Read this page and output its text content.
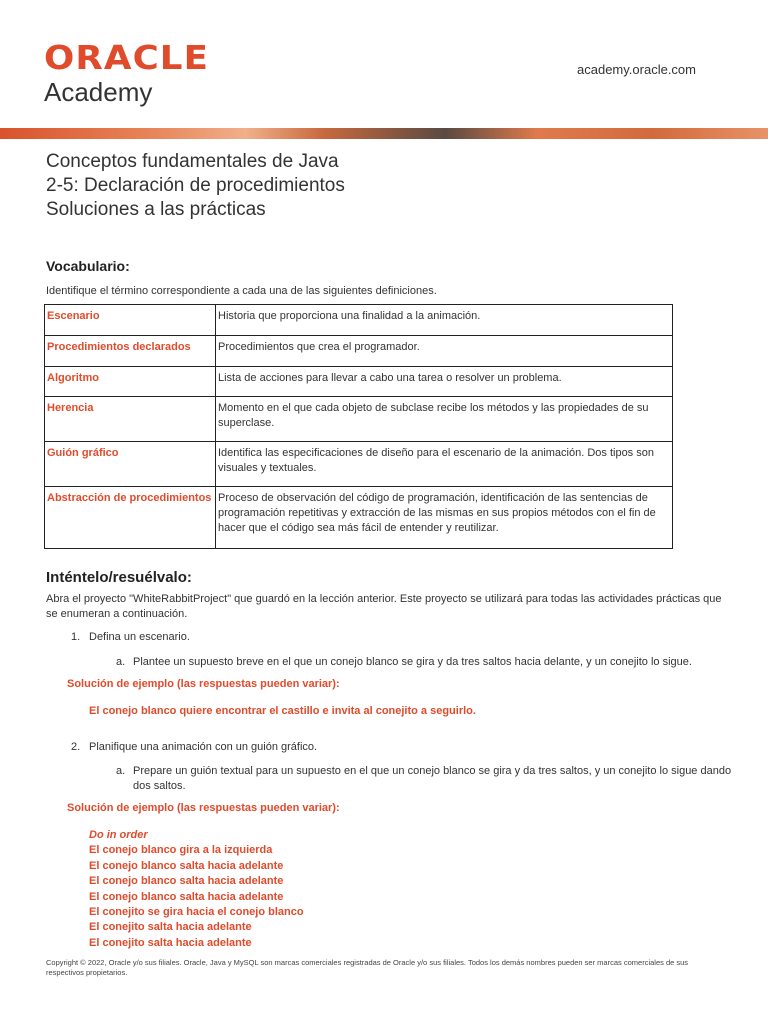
ORACLE
Academy
academy.oracle.com
Conceptos fundamentales de Java
2-5: Declaración de procedimientos
Soluciones a las prácticas
Vocabulario:
Identifique el término correspondiente a cada una de las siguientes definiciones.
Escenario	Historia que proporciona una finalidad a la animación.
Procedimientos declarados	Procedimientos que crea el programador.
Algoritmo	Lista de acciones para llevar a cabo una tarea o resolver un problema.
Herencia	Momento en el que cada objeto de subclase recibe los métodos y las propiedades de su superclase.
Guión gráfico	Identifica las especificaciones de diseño para el escenario de la animación. Dos tipos son visuales y textuales.
Abstracción de procedimientos	Proceso de observación del código de programación, identificación de las sentencias de programación repetitivas y extracción de las mismas en sus propios métodos con el fin de hacer que el código sea más fácil de entender y reutilizar.
Inténtelo/resuélvalo:
Abra el proyecto "WhiteRabbitProject" que guardó en la lección anterior. Este proyecto se utilizará para todas las actividades prácticas que se enumeran a continuación.
1. Defina un escenario.
a. Plantee un supuesto breve en el que un conejo blanco se gira y da tres saltos hacia delante, y un conejito lo sigue.
Solución de ejemplo (las respuestas pueden variar):
El conejo blanco quiere encontrar el castillo e invita al conejito a seguirlo.
2. Planifique una animación con un guión gráfico.
a. Prepare un guión textual para un supuesto en el que un conejo blanco se gira y da tres saltos, y un conejito lo sigue dando dos saltos.
Solución de ejemplo (las respuestas pueden variar):
Do in order
El conejo blanco gira a la izquierda
El conejo blanco salta hacia adelante
El conejo blanco salta hacia adelante
El conejo blanco salta hacia adelante
El conejito se gira hacia el conejo blanco
El conejito salta hacia adelante
El conejito salta hacia adelante
Copyright © 2022, Oracle y/o sus filiales. Oracle, Java y MySQL son marcas comerciales registradas de Oracle y/o sus filiales. Todos los demás nombres pueden ser marcas comerciales de sus respectivos propietarios.
